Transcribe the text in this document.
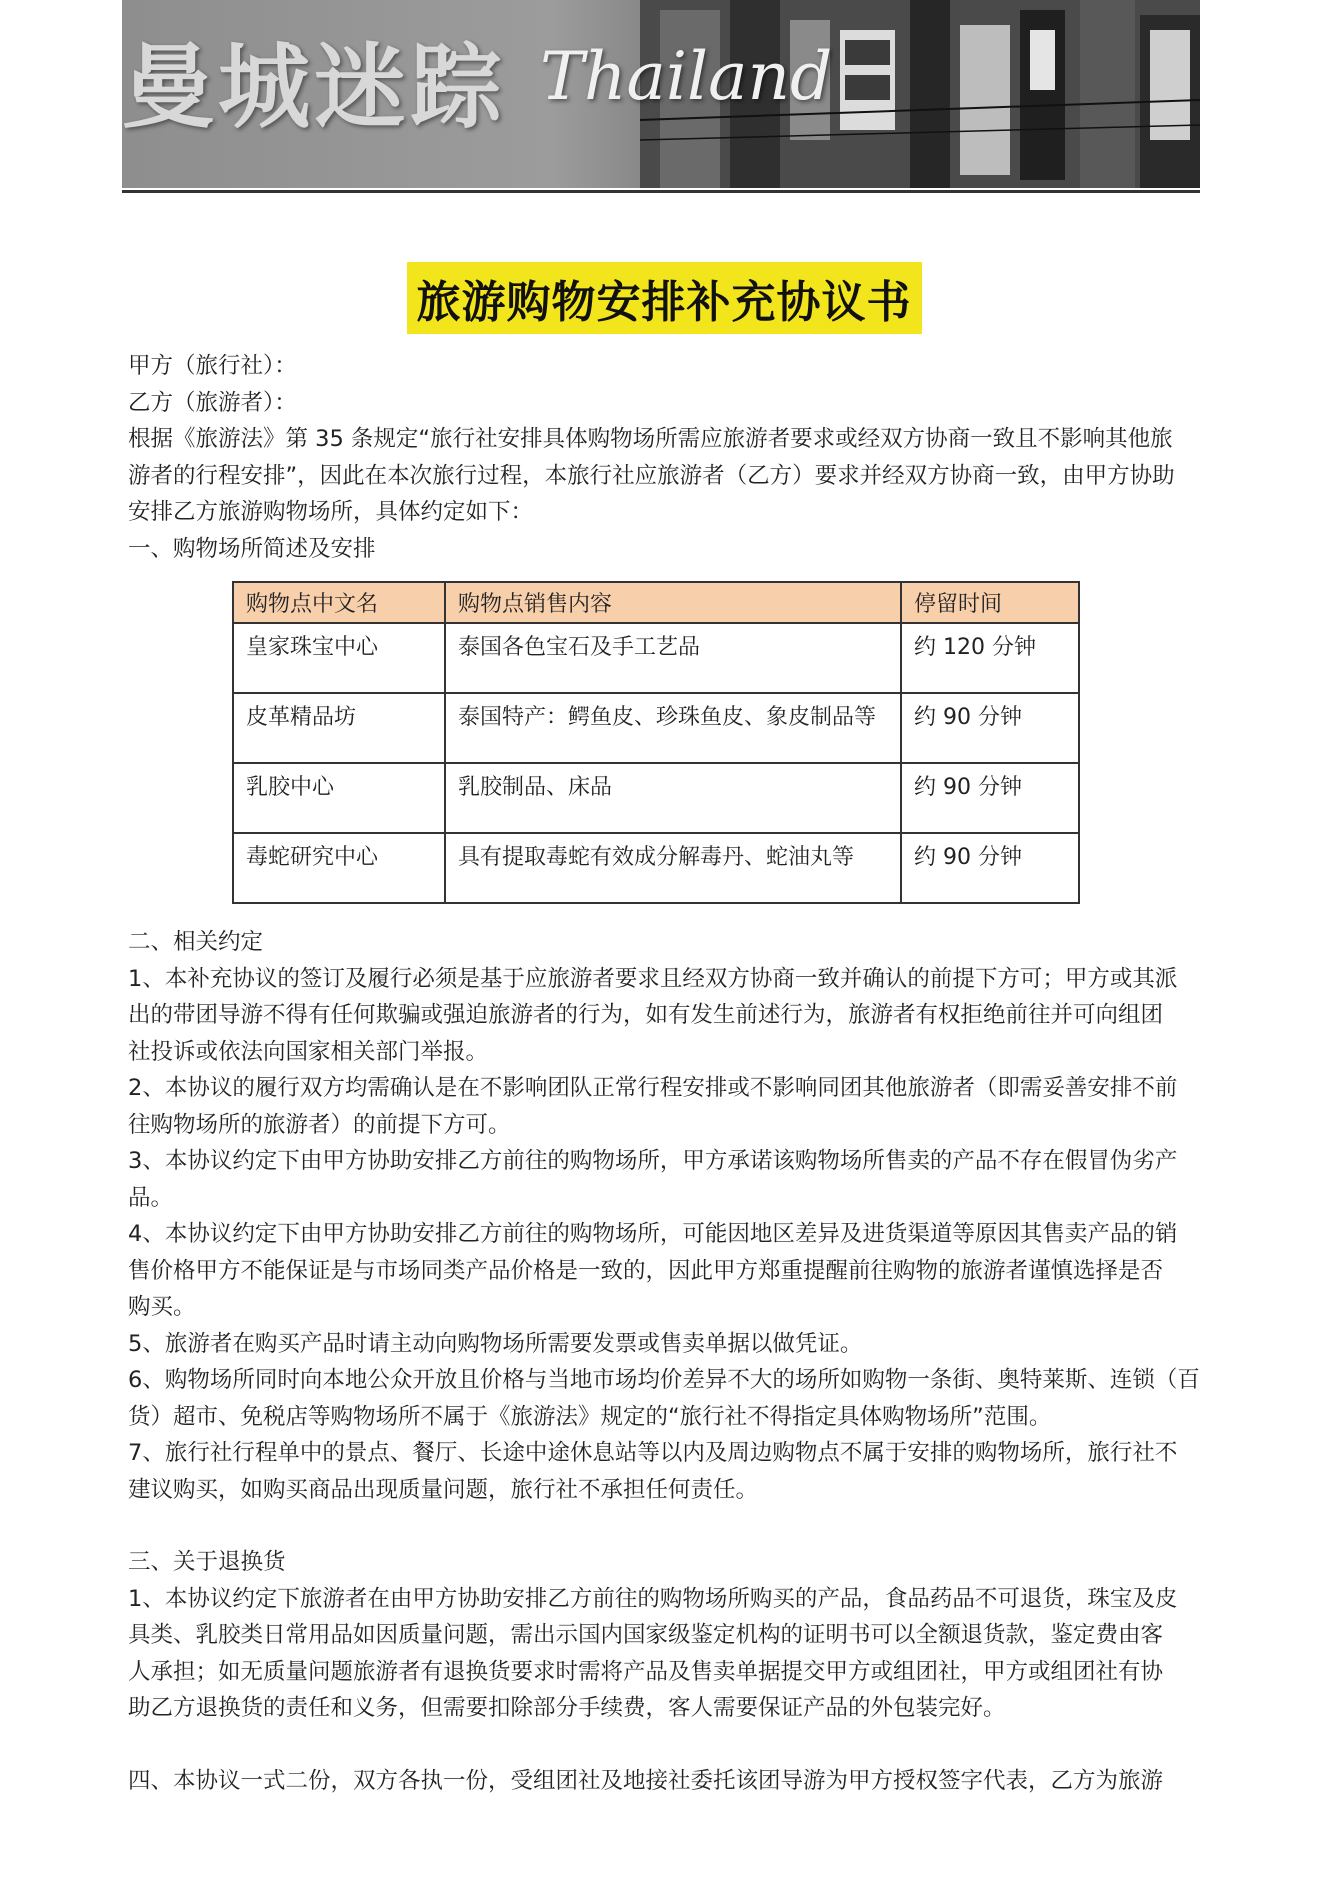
曼城迷踪 Thailand
旅游购物安排补充协议书

甲方（旅行社）：

乙方（旅游者）：

根据《旅游法》第 35 条规定“旅行社安排具体购物场所需应旅游者要求或经双方协商一致且不影响其他旅

游者的行程安排”，因此在本次旅行过程，本旅行社应旅游者（乙方）要求并经双方协商一致，由甲方协助

安排乙方旅游购物场所，具体约定如下：

一、购物场所简述及安排

购物点中文名	购物点销售内容	停留时间
皇家珠宝中心	泰国各色宝石及手工艺品	约 120 分钟
皮革精品坊	泰国特产：鳄鱼皮、珍珠鱼皮、象皮制品等	约 90 分钟
乳胶中心	乳胶制品、床品	约 90 分钟
毒蛇研究中心	具有提取毒蛇有效成分解毒丹、蛇油丸等	约 90 分钟

二、相关约定

1、本补充协议的签订及履行必须是基于应旅游者要求且经双方协商一致并确认的前提下方可；甲方或其派

出的带团导游不得有任何欺骗或强迫旅游者的行为，如有发生前述行为，旅游者有权拒绝前往并可向组团

社投诉或依法向国家相关部门举报。

2、本协议的履行双方均需确认是在不影响团队正常行程安排或不影响同团其他旅游者（即需妥善安排不前

往购物场所的旅游者）的前提下方可。

3、本协议约定下由甲方协助安排乙方前往的购物场所，甲方承诺该购物场所售卖的产品不存在假冒伪劣产

品。

4、本协议约定下由甲方协助安排乙方前往的购物场所，可能因地区差异及进货渠道等原因其售卖产品的销

售价格甲方不能保证是与市场同类产品价格是一致的，因此甲方郑重提醒前往购物的旅游者谨慎选择是否

购买。

5、旅游者在购买产品时请主动向购物场所需要发票或售卖单据以做凭证。

6、购物场所同时向本地公众开放且价格与当地市场均价差异不大的场所如购物一条街、奥特莱斯、连锁（百

货）超市、免税店等购物场所不属于《旅游法》规定的“旅行社不得指定具体购物场所”范围。

7、旅行社行程单中的景点、餐厅、长途中途休息站等以内及周边购物点不属于安排的购物场所，旅行社不

建议购买，如购买商品出现质量问题，旅行社不承担任何责任。

三、关于退换货

1、本协议约定下旅游者在由甲方协助安排乙方前往的购物场所购买的产品，食品药品不可退货，珠宝及皮

具类、乳胶类日常用品如因质量问题，需出示国内国家级鉴定机构的证明书可以全额退货款，鉴定费由客

人承担；如无质量问题旅游者有退换货要求时需将产品及售卖单据提交甲方或组团社，甲方或组团社有协

助乙方退换货的责任和义务，但需要扣除部分手续费，客人需要保证产品的外包装完好。

四、本协议一式二份，双方各执一份，受组团社及地接社委托该团导游为甲方授权签字代表，乙方为旅游
